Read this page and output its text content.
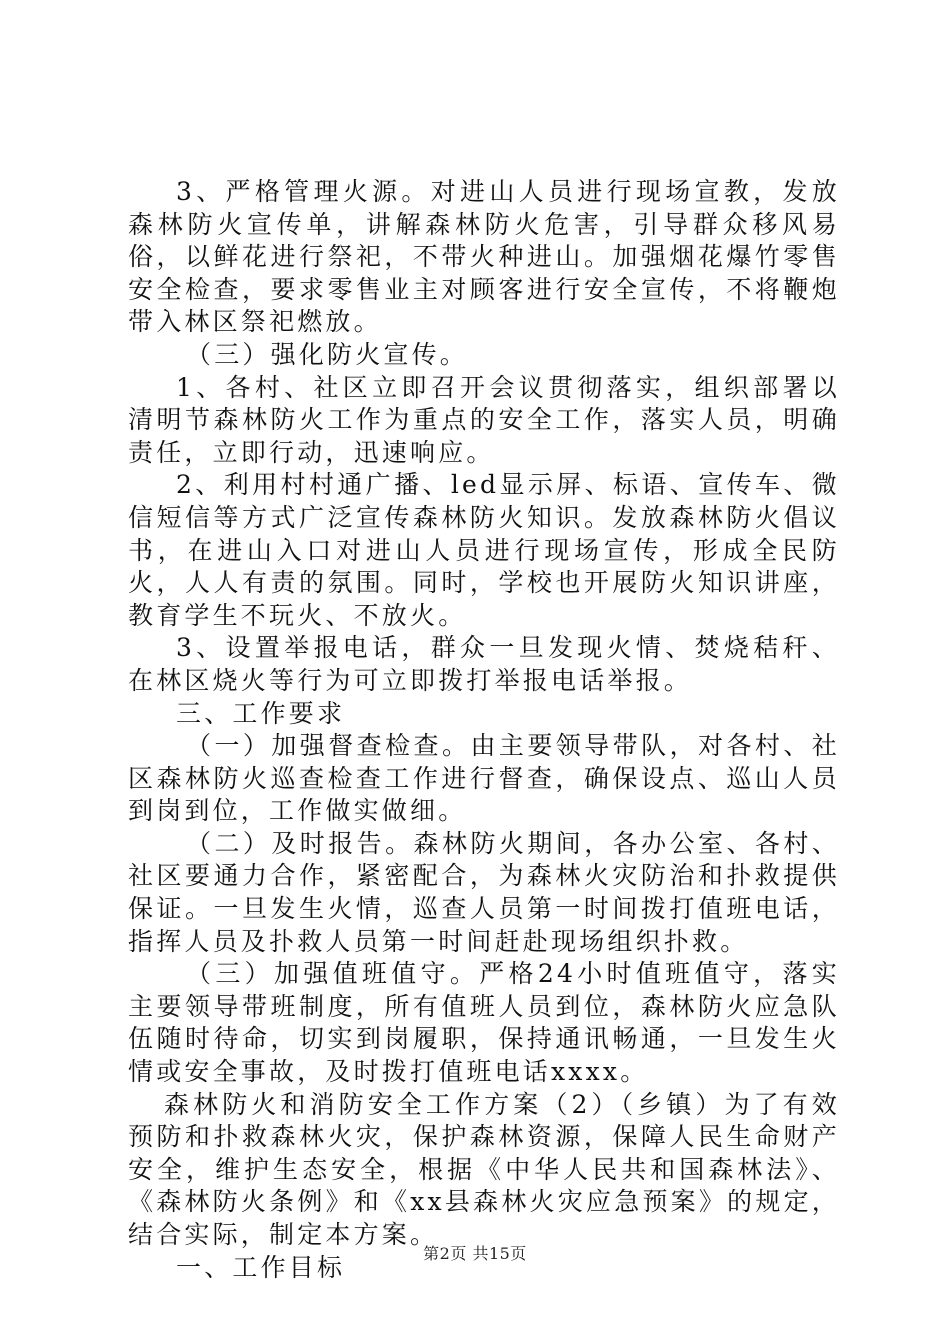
3、严格管理火源。对进山人员进行现场宣教，发放森林防火宣传单，讲解森林防火危害，引导群众移风易俗，以鲜花进行祭祀，不带火种进山。加强烟花爆竹零售安全检查，要求零售业主对顾客进行安全宣传，不将鞭炮带入林区祭祀燃放。

（三）强化防火宣传。

1、各村、社区立即召开会议贯彻落实，组织部署以清明节森林防火工作为重点的安全工作，落实人员，明确责任，立即行动，迅速响应。

2、利用村村通广播、led显示屏、标语、宣传车、微信短信等方式广泛宣传森林防火知识。发放森林防火倡议书，在进山入口对进山人员进行现场宣传，形成全民防火，人人有责的氛围。同时，学校也开展防火知识讲座，教育学生不玩火、不放火。

3、设置举报电话，群众一旦发现火情、焚烧秸秆、在林区烧火等行为可立即拨打举报电话举报。

三、工作要求

（一）加强督查检查。由主要领导带队，对各村、社区森林防火巡查检查工作进行督查，确保设点、巡山人员到岗到位，工作做实做细。

（二）及时报告。森林防火期间，各办公室、各村、社区要通力合作，紧密配合，为森林火灾防治和扑救提供保证。一旦发生火情，巡查人员第一时间拨打值班电话，指挥人员及扑救人员第一时间赶赴现场组织扑救。

（三）加强值班值守。严格24小时值班值守，落实主要领导带班制度，所有值班人员到位，森林防火应急队伍随时待命，切实到岗履职，保持通讯畅通，一旦发生火情或安全事故，及时拨打值班电话xxxx。

森林防火和消防安全工作方案（2）（乡镇）为了有效预防和扑救森林火灾，保护森林资源，保障人民生命财产安全，维护生态安全，根据《中华人民共和国森林法》、《森林防火条例》和《xx县森林火灾应急预案》的规定，结合实际，制定本方案。

一、工作目标	第2页 共15页
